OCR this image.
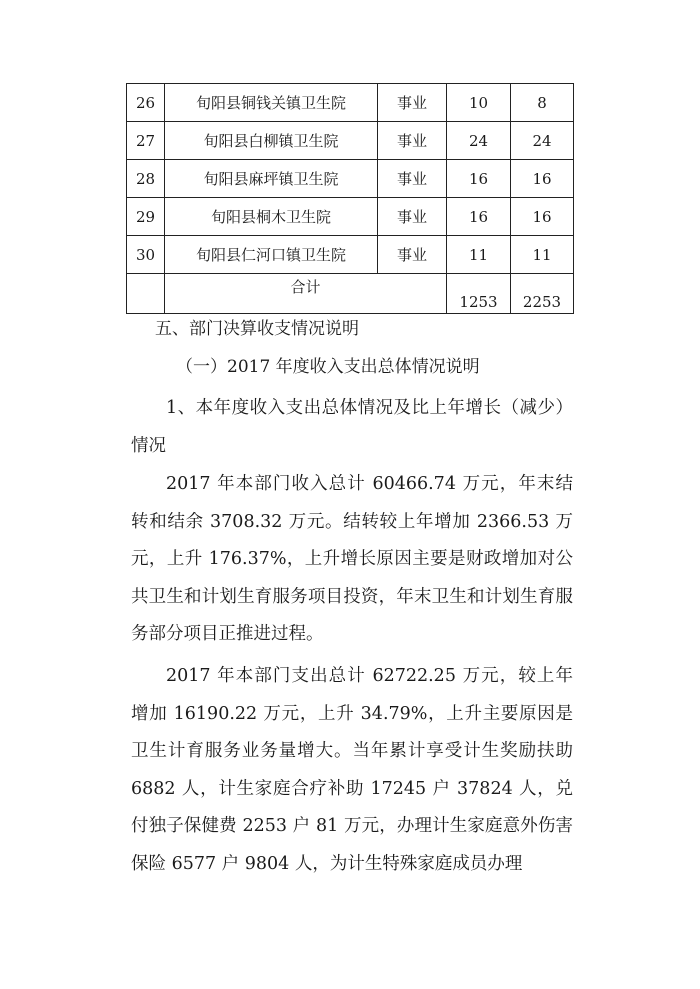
26	旬阳县铜钱关镇卫生院	事业	10	8
27	旬阳县白柳镇卫生院	事业	24	24
28	旬阳县麻坪镇卫生院	事业	16	16
29	旬阳县桐木卫生院	事业	16	16
30	旬阳县仁河口镇卫生院	事业	11	11
	合计		1253	2253
五、部门决算收支情况说明
（一）2017 年度收入支出总体情况说明
1、本年度收入支出总体情况及比上年增长（减少）情况
2017 年本部门收入总计 60466.74 万元，年末结转和结余 3708.32 万元。结转较上年增加 2366.53 万元，上升 176.37%，上升增长原因主要是财政增加对公共卫生和计划生育服务项目投资，年末卫生和计划生育服务部分项目正推进过程。
2017 年本部门支出总计 62722.25 万元，较上年增加 16190.22 万元，上升 34.79%，上升主要原因是卫生计育服务业务量增大。当年累计享受计生奖励扶助 6882 人，计生家庭合疗补助 17245 户 37824 人，兑付独子保健费 2253 户 81 万元，办理计生家庭意外伤害保险 6577 户 9804 人，为计生特殊家庭成员办理
